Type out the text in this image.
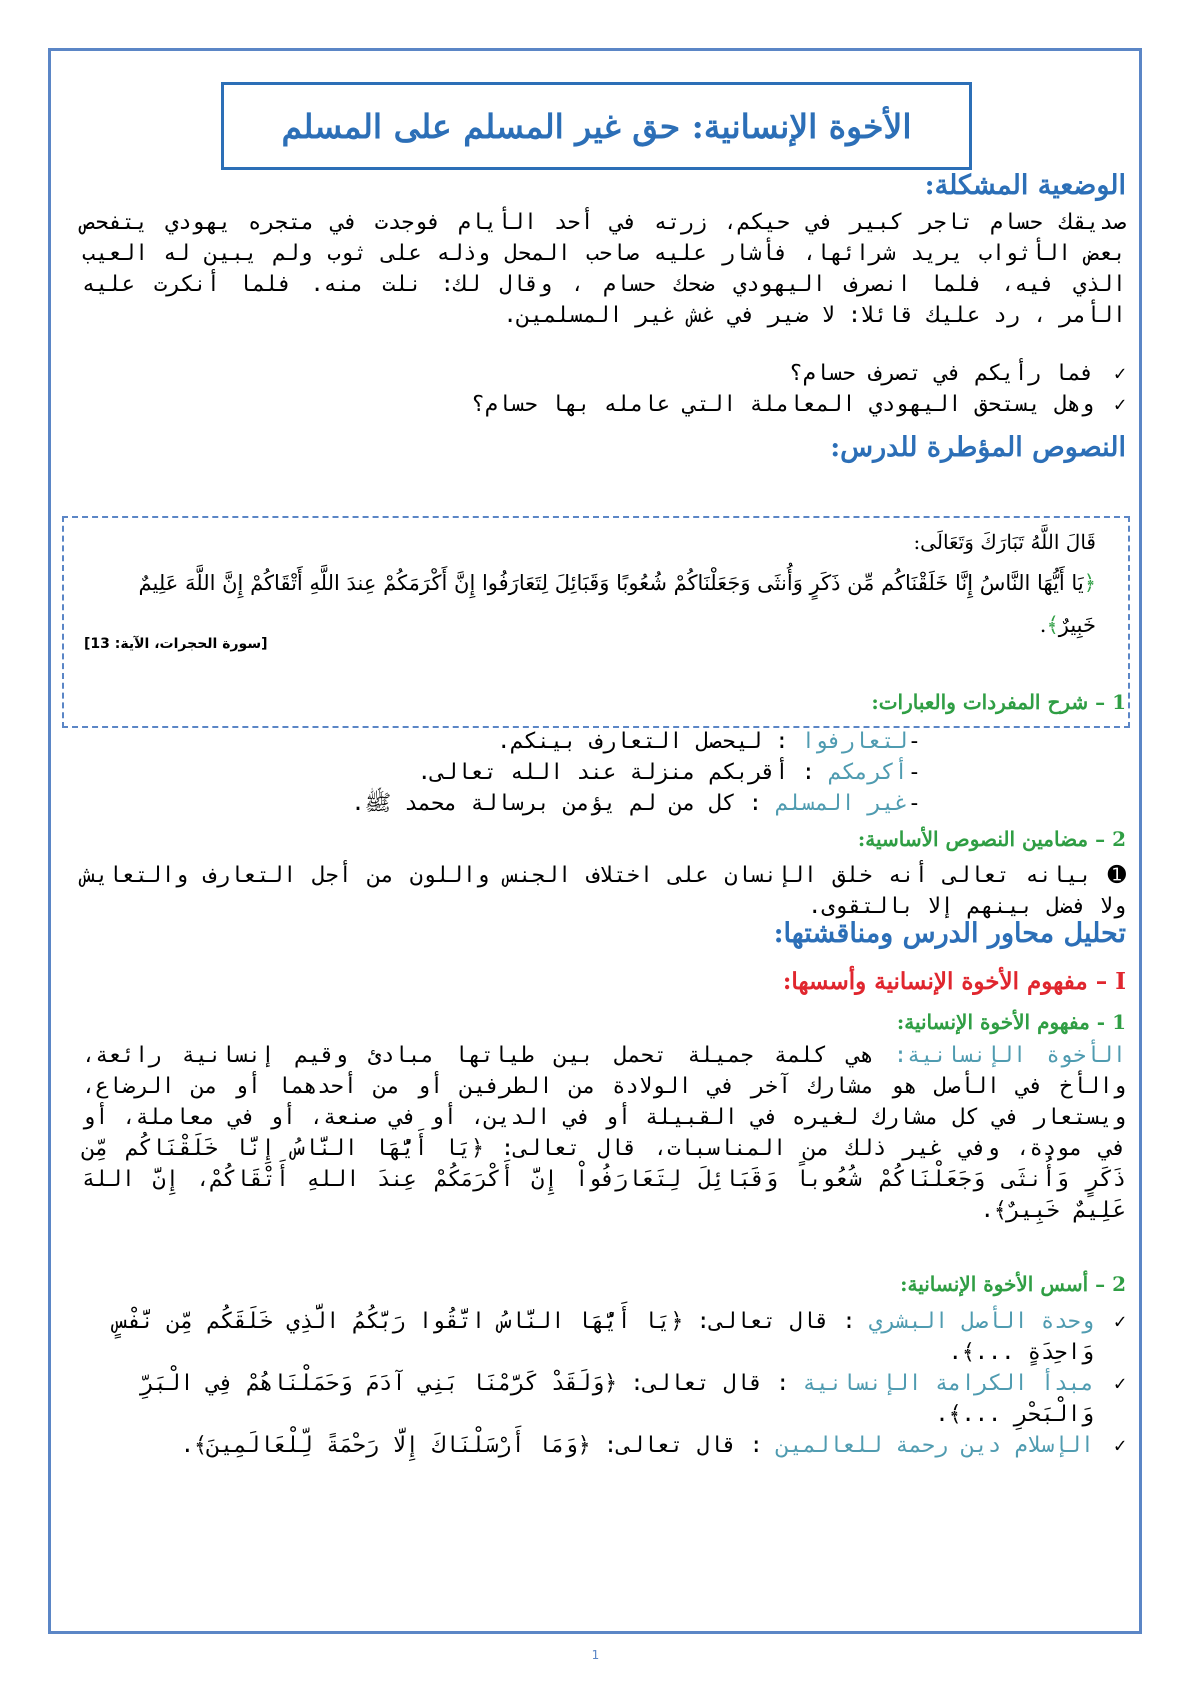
الأخوة الإنسانية: حق غير المسلم على المسلم
الوضعية المشكلة:

صديقك حسام تاجر كبير في حيكم، زرته في أحد الأيام فوجدت في متجره يهودي يتفحص بعض الأثواب يريد شرائها، فأشار عليه صاحب المحل وذله على ثوب ولم يبين له العيب الذي فيه، فلما انصرف اليهودي ضحك حسام ، وقال لك: نلت منه. فلما أنكرت عليه الأمر ، رد عليك قائلا: لا ضير في غش غير المسلمين.

✓
فما رأيكم في تصرف حسام؟
✓
وهل يستحق اليهودي المعاملة التي عامله بها حسام؟
النصوص المؤطرة للدرس:

قَالَ اللَّهُ تَبَارَكَ وَتَعَالَى:

﴿يَا أَيُّهَا النَّاسُ إِنَّا خَلَقْنَاكُم مِّن ذَكَرٍ وَأُنثَى وَجَعَلْنَاكُمْ شُعُوبًا وَقَبَائِلَ لِتَعَارَفُوا إِنَّ أَكْرَمَكُمْ عِندَ اللَّهِ أَتْقَاكُمْ إِنَّ اللَّهَ عَلِيمٌ خَبِيرٌ﴾.

[سورة الحجرات، الآية: 13]

1 – شرح المفردات والعبارات:
-لتعارفوا : ليحصل التعارف بينكم.
-أكرمكم : أقربكم منزلة عند الله تعالى.
-غير المسلم : كل من لم يؤمن برسالة محمد ﷺ.
2 – مضامين النصوص الأساسية:

➊ بيانه تعالى أنه خلق الإنسان على اختلاف الجنس واللون من أجل التعارف والتعايش ولا فضل بينهم إلا بالتقوى.

تحليل محاور الدرس ومناقشتها:
I – مفهوم الأخوة الإنسانية وأسسها:
1 - مفهوم الأخوة الإنسانية:

الأخوة الإنسانية: هي كلمة جميلة تحمل بين طياتها مبادئ وقيم إنسانية رائعة، والأخ في الأصل هو مشارك آخر في الولادة من الطرفين أو من أحدهما أو من الرضاع، ويستعار في كل مشارك لغيره في القبيلة أو في الدين، أو في صنعة، أو في معاملة، أو في مودة، وفي غير ذلك من المناسبات، قال تعالى: ﴿يَا أَيُّهَا النَّاسُ إِنَّا خَلَقْنَاكُم مِّن ذَكَرٍ وَأُنثَى وَجَعَلْنَاكُمْ شُعُوباً وَقَبَائِلَ لِتَعَارَفُواْ إِنَّ أَكْرَمَكُمْ عِندَ اللهِ أَتْقَاكُمْ، إِنَّ اللهَ عَلِيمٌ خَبِيرٌ﴾.

2 – أسس الأخوة الإنسانية:
✓
وحدة الأصل البشري : قال تعالى: ﴿يَا أَيُّهَا النَّاسُ اتَّقُوا رَبَّكُمُ الَّذِي خَلَقَكُم مِّن نَّفْسٍ وَاحِدَةٍ ...﴾.
✓
مبدأ الكرامة الإنسانية : قال تعالى: ﴿وَلَقَدْ كَرَّمْنَا بَنِي آدَمَ وَحَمَلْنَاهُمْ فِي الْبَرِّ وَالْبَحْرِ ...﴾.
✓
الإسلام دين رحمة للعالمين : قال تعالى: ﴿وَمَا أَرْسَلْنَاكَ إِلَّا رَحْمَةً لِّلْعَالَمِينَ﴾.

1
